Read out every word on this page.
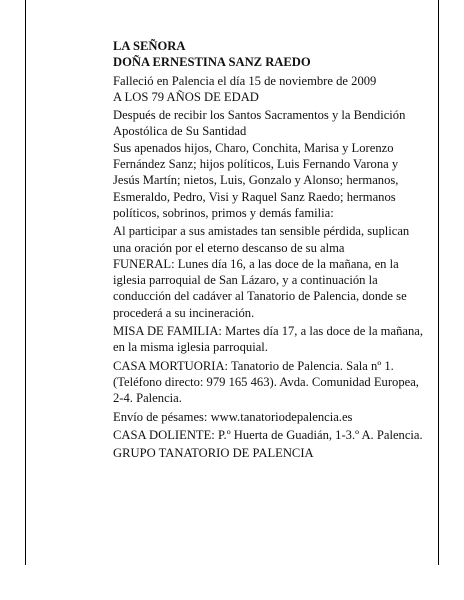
LA SEÑORA

DOÑA ERNESTINA SANZ RAEDO

Falleció en Palencia el día 15 de noviembre de 2009

A LOS 79 AÑOS DE EDAD

Después de recibir los Santos Sacramentos y la Bendición Apostólica de Su Santidad

Sus apenados hijos, Charo, Conchita, Marisa y Lorenzo Fernández Sanz; hijos políticos, Luis Fernando Varona y Jesús Martín; nietos, Luis, Gonzalo y Alonso; hermanos, Esmeraldo, Pedro, Visi y Raquel Sanz Raedo; hermanos políticos, sobrinos, primos y demás familia:

Al participar a sus amistades tan sensible pérdida, suplican una oración por el eterno descanso de su alma

FUNERAL: Lunes día 16, a las doce de la mañana, en la iglesia parroquial de San Lázaro, y a continuación la conducción del cadáver al Tanatorio de Palencia, donde se procederá a su incineración.

MISA DE FAMILIA: Martes día 17, a las doce de la mañana, en la misma iglesia parroquial.

CASA MORTUORIA: Tanatorio de Palencia. Sala nº 1. (Teléfono directo: 979 165 463). Avda. Comunidad Europea, 2-4. Palencia.

Envío de pésames: www.tanatoriodepalencia.es

CASA DOLIENTE: P.º Huerta de Guadián, 1-3.º A. Palencia.

GRUPO TANATORIO DE PALENCIA
